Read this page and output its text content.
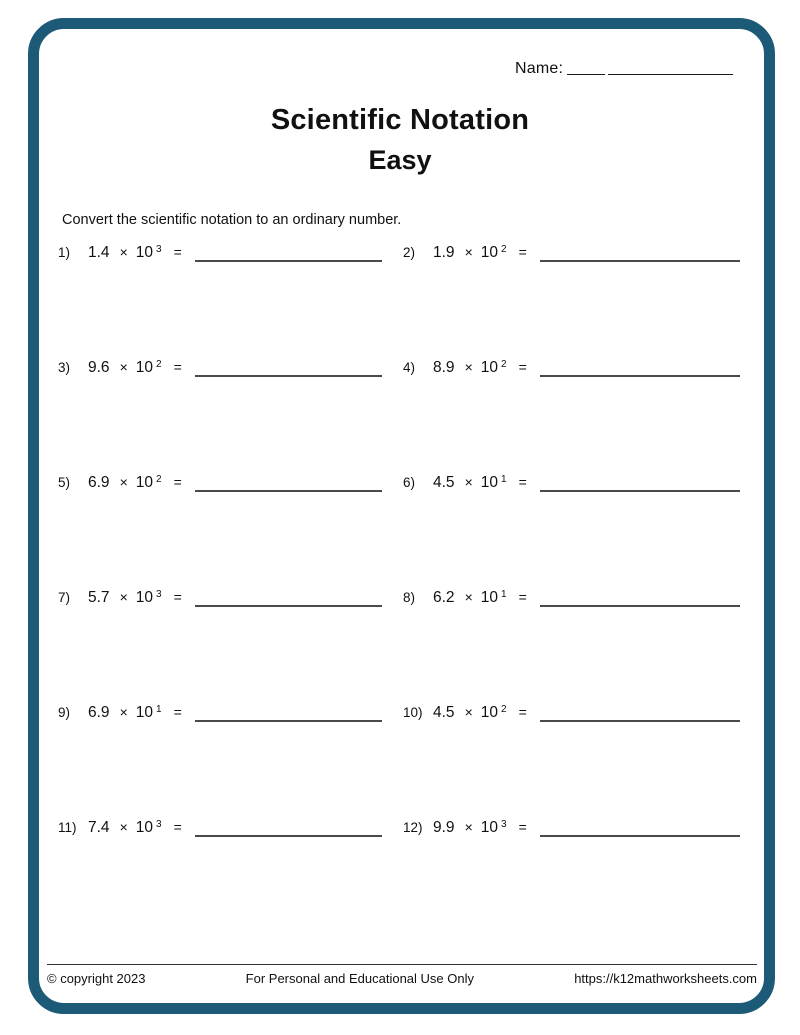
Name:
Scientific Notation
Easy
Convert the scientific notation to an ordinary number.
1)	1.4 × 10 3 =	2)	1.9 × 10 2 =
3)	9.6 × 10 2 =	4)	8.9 × 10 2 =
5)	6.9 × 10 2 =	6)	4.5 × 10 1 =
7)	5.7 × 10 3 =	8)	6.2 × 10 1 =
9)	6.9 × 10 1 =	10) 4.5 × 10 2 =
11) 7.4 × 10 3 =	12) 9.9 × 10 3 =
© copyright 2023	For Personal and Educational Use Only	https://k12mathworksheets.com
